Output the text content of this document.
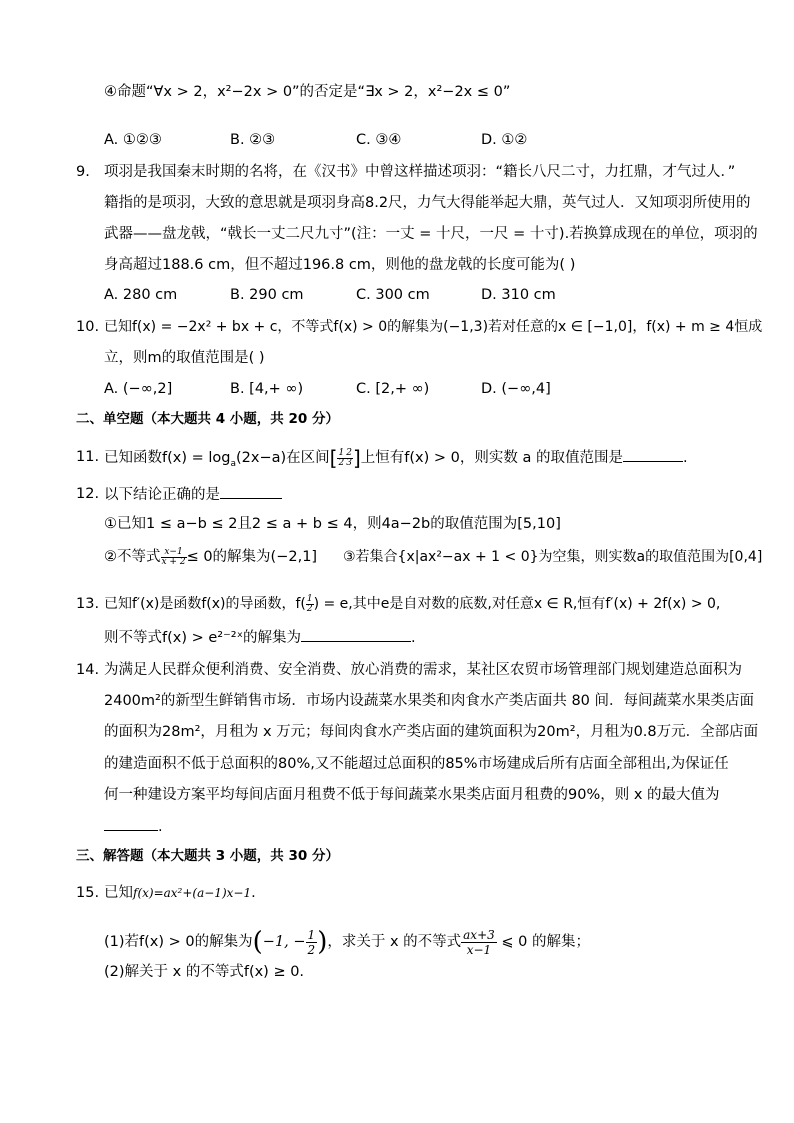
④命题“∀x > 2，x²−2x > 0”的否定是“∃x > 2，x²−2x ≤ 0”
A. ①②③	B. ②③	C. ③④	D. ①②
9. 项羽是我国秦末时期的名将，在《汉书》中曾这样描述项羽：“籍长八尺二寸，力扛鼎，才气过人．”
籍指的是项羽，大致的意思就是项羽身高8.2尺，力气大得能举起大鼎，英气过人．又知项羽所使用的
武器——盘龙戟，“戟长一丈二尺九寸”(注：一丈 = 十尺，一尺 = 十寸).若换算成现在的单位，项羽的
身高超过188.6 cm，但不超过196.8 cm，则他的盘龙戟的长度可能为( )
A. 280 cm	B. 290 cm	C. 300 cm	D. 310 cm
10. 已知f(x) = −2x² + bx + c，不等式f(x) > 0的解集为(−1,3)若对任意的x ∈ [−1,0]，f(x) + m ≥ 4恒成
立，则m的取值范围是( )
A. (−∞,2]	B. [4,+ ∞)	C. [2,+ ∞)	D. (−∞,4]
二、单空题（本大题共 4 小题，共 20 分）
11. 已知函数$f(x) = \log_a(2x-a)$在区间[ $\frac{1}{2} \frac{2}{3}$ ]上恒有f(x) > 0，则实数 a 的取值范围是	.
12. 以下结论正确的是
①已知1 ≤ a−b ≤ 2且2 ≤ a + b ≤ 4，则4a−2b的取值范围为[5,10]
②不等式 $\frac{x-1}{x + 2} \le 0$的解集为(−2,1] ③若集合{x|ax²−ax + 1 < 0}为空集，则实数a的取值范围为[0,4]
13. 已知f′(x)是函数f(x)的导函数，$f( \frac{1}{2}$ ) = e,其中e是自对数的底数,对任意x ∈ R,恒有f′(x) + 2f(x) > 0,
则不等式f(x) > e²⁻²ˣ的解集为	.
14. 为满足人民群众便利消费、安全消费、放心消费的需求，某社区农贸市场管理部门规划建造总面积为
2400m²的新型生鲜销售市场．市场内设蔬菜水果类和肉食水产类店面共 80 间．每间蔬菜水果类店面
的面积为28m²，月租为 x 万元；每间肉食水产类店面的建筑面积为20m²，月租为0.8万元．全部店面
的建造面积不低于总面积的80%,又不能超过总面积的85%市场建成后所有店面全部租出,为保证任
何一种建设方案平均每间店面月租费不低于每间蔬菜水果类店面月租费的90%，则 x 的最大值为
.
三、解答题（本大题共 3 小题，共 30 分）
15. 已知f(x)=ax²+(a−1)x−1.
(1)若f(x) > 0的解集为(−1, − $\frac{1}{2}$ )，求关于 x 的不等式 $\frac{ax+3}{x-1}$ ⩽ 0 的解集；
(2)解关于 x 的不等式f(x) ≥ 0.
